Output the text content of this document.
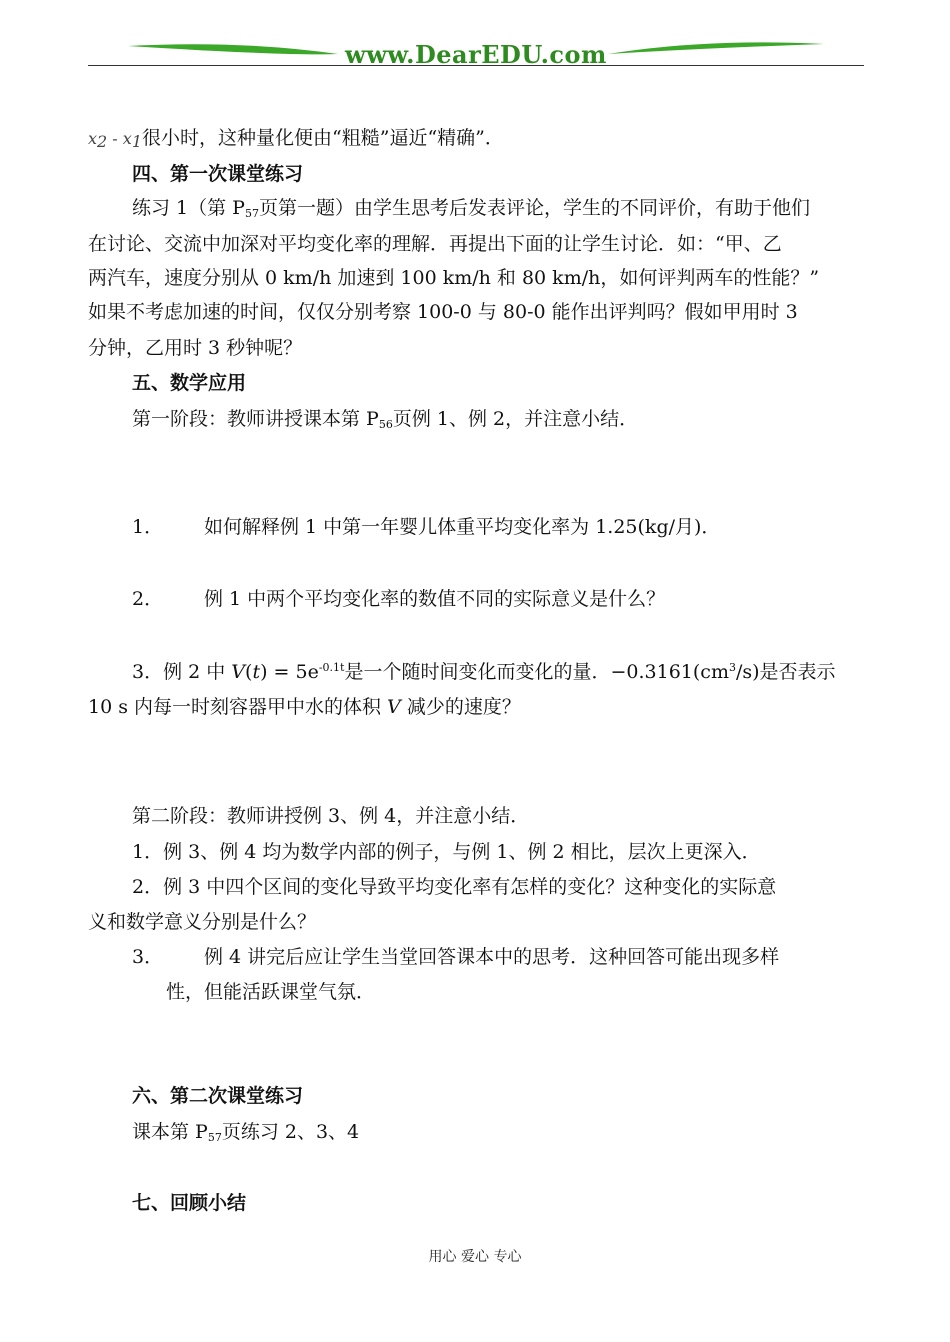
www.DearEDU.com
$x_2 - x_1$很小时，这种量化便由“粗糙”逼近“精确”．
四、第一次课堂练习
练习 1（第 $P_{57}$页第一题）由学生思考后发表评论，学生的不同评价，有助于他们
在讨论、交流中加深对平均变化率的理解．再提出下面的让学生讨论．如：“甲、乙
两汽车，速度分别从 0 km/h 加速到 100 km/h 和 80 km/h，如何评判两车的性能？”
如果不考虑加速的时间，仅仅分别考察 100-0 与 80-0 能作出评判吗？假如甲用时 3
分钟，乙用时 3 秒钟呢？
五、数学应用
第一阶段：教师讲授课本第 $P_{56}$页例 1、例 2，并注意小结．
1． 如何解释例 1 中第一年婴儿体重平均变化率为 1.25(kg/月)．
2． 例 1 中两个平均变化率的数值不同的实际意义是什么？
3．例 2 中 $V(t) = 5e^{-0.1t}$是一个随时间变化而变化的量．$-0.3161(cm^3/s)$是否表示
10 s 内每一时刻容器甲中水的体积 V 减少的速度？
第二阶段：教师讲授例 3、例 4，并注意小结．
1．例 3、例 4 均为数学内部的例子，与例 1、例 2 相比，层次上更深入．
2．例 3 中四个区间的变化导致平均变化率有怎样的变化？这种变化的实际意
义和数学意义分别是什么？
3． 例 4 讲完后应让学生当堂回答课本中的思考．这种回答可能出现多样
性，但能活跃课堂气氛．
六、第二次课堂练习
课本第 $P_{57}$页练习 2、3、4
七、回顾小结
用心 爱心 专心
